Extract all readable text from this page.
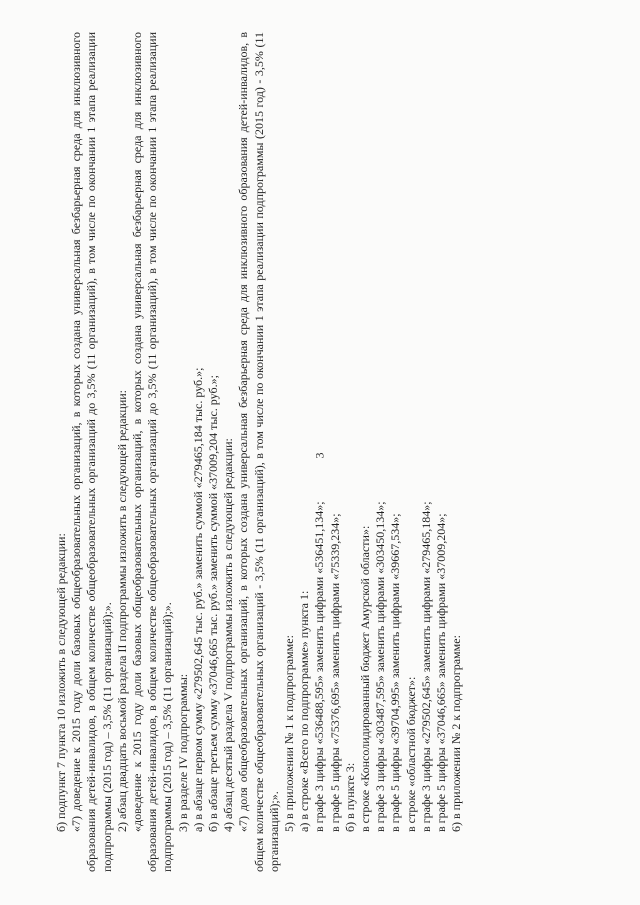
3

б) подпункт 7 пункта 10 изложить в следующей редакции: «7) доведение к 2015 году доли базовых общеобразовательных организаций, в которых создана универсальная безбарьерная среда для инклюзивного образования детей-инвалидов, в общем количестве общеобразовательных организаций до 3,5% (11 организаций), в том числе по окончании 1 этапа реализации подпрограммы (2015 год) – 3,5% (11 организаций);». 2) абзац двадцать восьмой раздела II подпрограммы изложить в следующей редакции: «доведение к 2015 году доли базовых общеобразовательных организаций, в которых создана универсальная безбарьерная среда для инклюзивного образования детей-инвалидов, в общем количестве общеобразовательных организаций до 3,5% (11 организаций), в том числе по окончании 1 этапа реализации подпрограммы (2015 год) – 3,5% (11 организаций);». 3) в разделе IV подпрограммы: а) в абзаце первом сумму «279502,645 тыс. руб.» заменить суммой «279465,184 тыс. руб.»; б) в абзаце третьем сумму «37046,665 тыс. руб.» заменить суммой «37009,204 тыс. руб.»; 4) абзац десятый раздела V подпрограммы изложить в следующей редакции: «7) доля общеобразовательных организаций, в которых создана универсальная безбарьерная среда для инклюзивного образования детей-инвалидов, в общем количестве общеобразовательных организаций - 3,5% (11 организаций), в том числе по окончании 1 этапа реализации подпрограммы (2015 год) - 3,5% (11 организаций);». 5) в приложении № 1 к подпрограмме: а) в строке «Всего по подпрограмме» пункта 1: в графе 3 цифры «536488,595» заменить цифрами «536451,134»; в графе 5 цифры «75376,695» заменить цифрами «75339,234»; б) в пункте 3: в строке «Консолидированный бюджет Амурской области»: в графе 3 цифры «303487,595» заменить цифрами «303450,134»; в графе 5 цифры «39704,995» заменить цифрами «39667,534»; в строке «областной бюджет»: в графе 3 цифры «279502,645» заменить цифрами «279465,184»; в графе 5 цифры «37046,665» заменить цифрами «37009,204»; 6) в приложении № 2 к подпрограмме:
